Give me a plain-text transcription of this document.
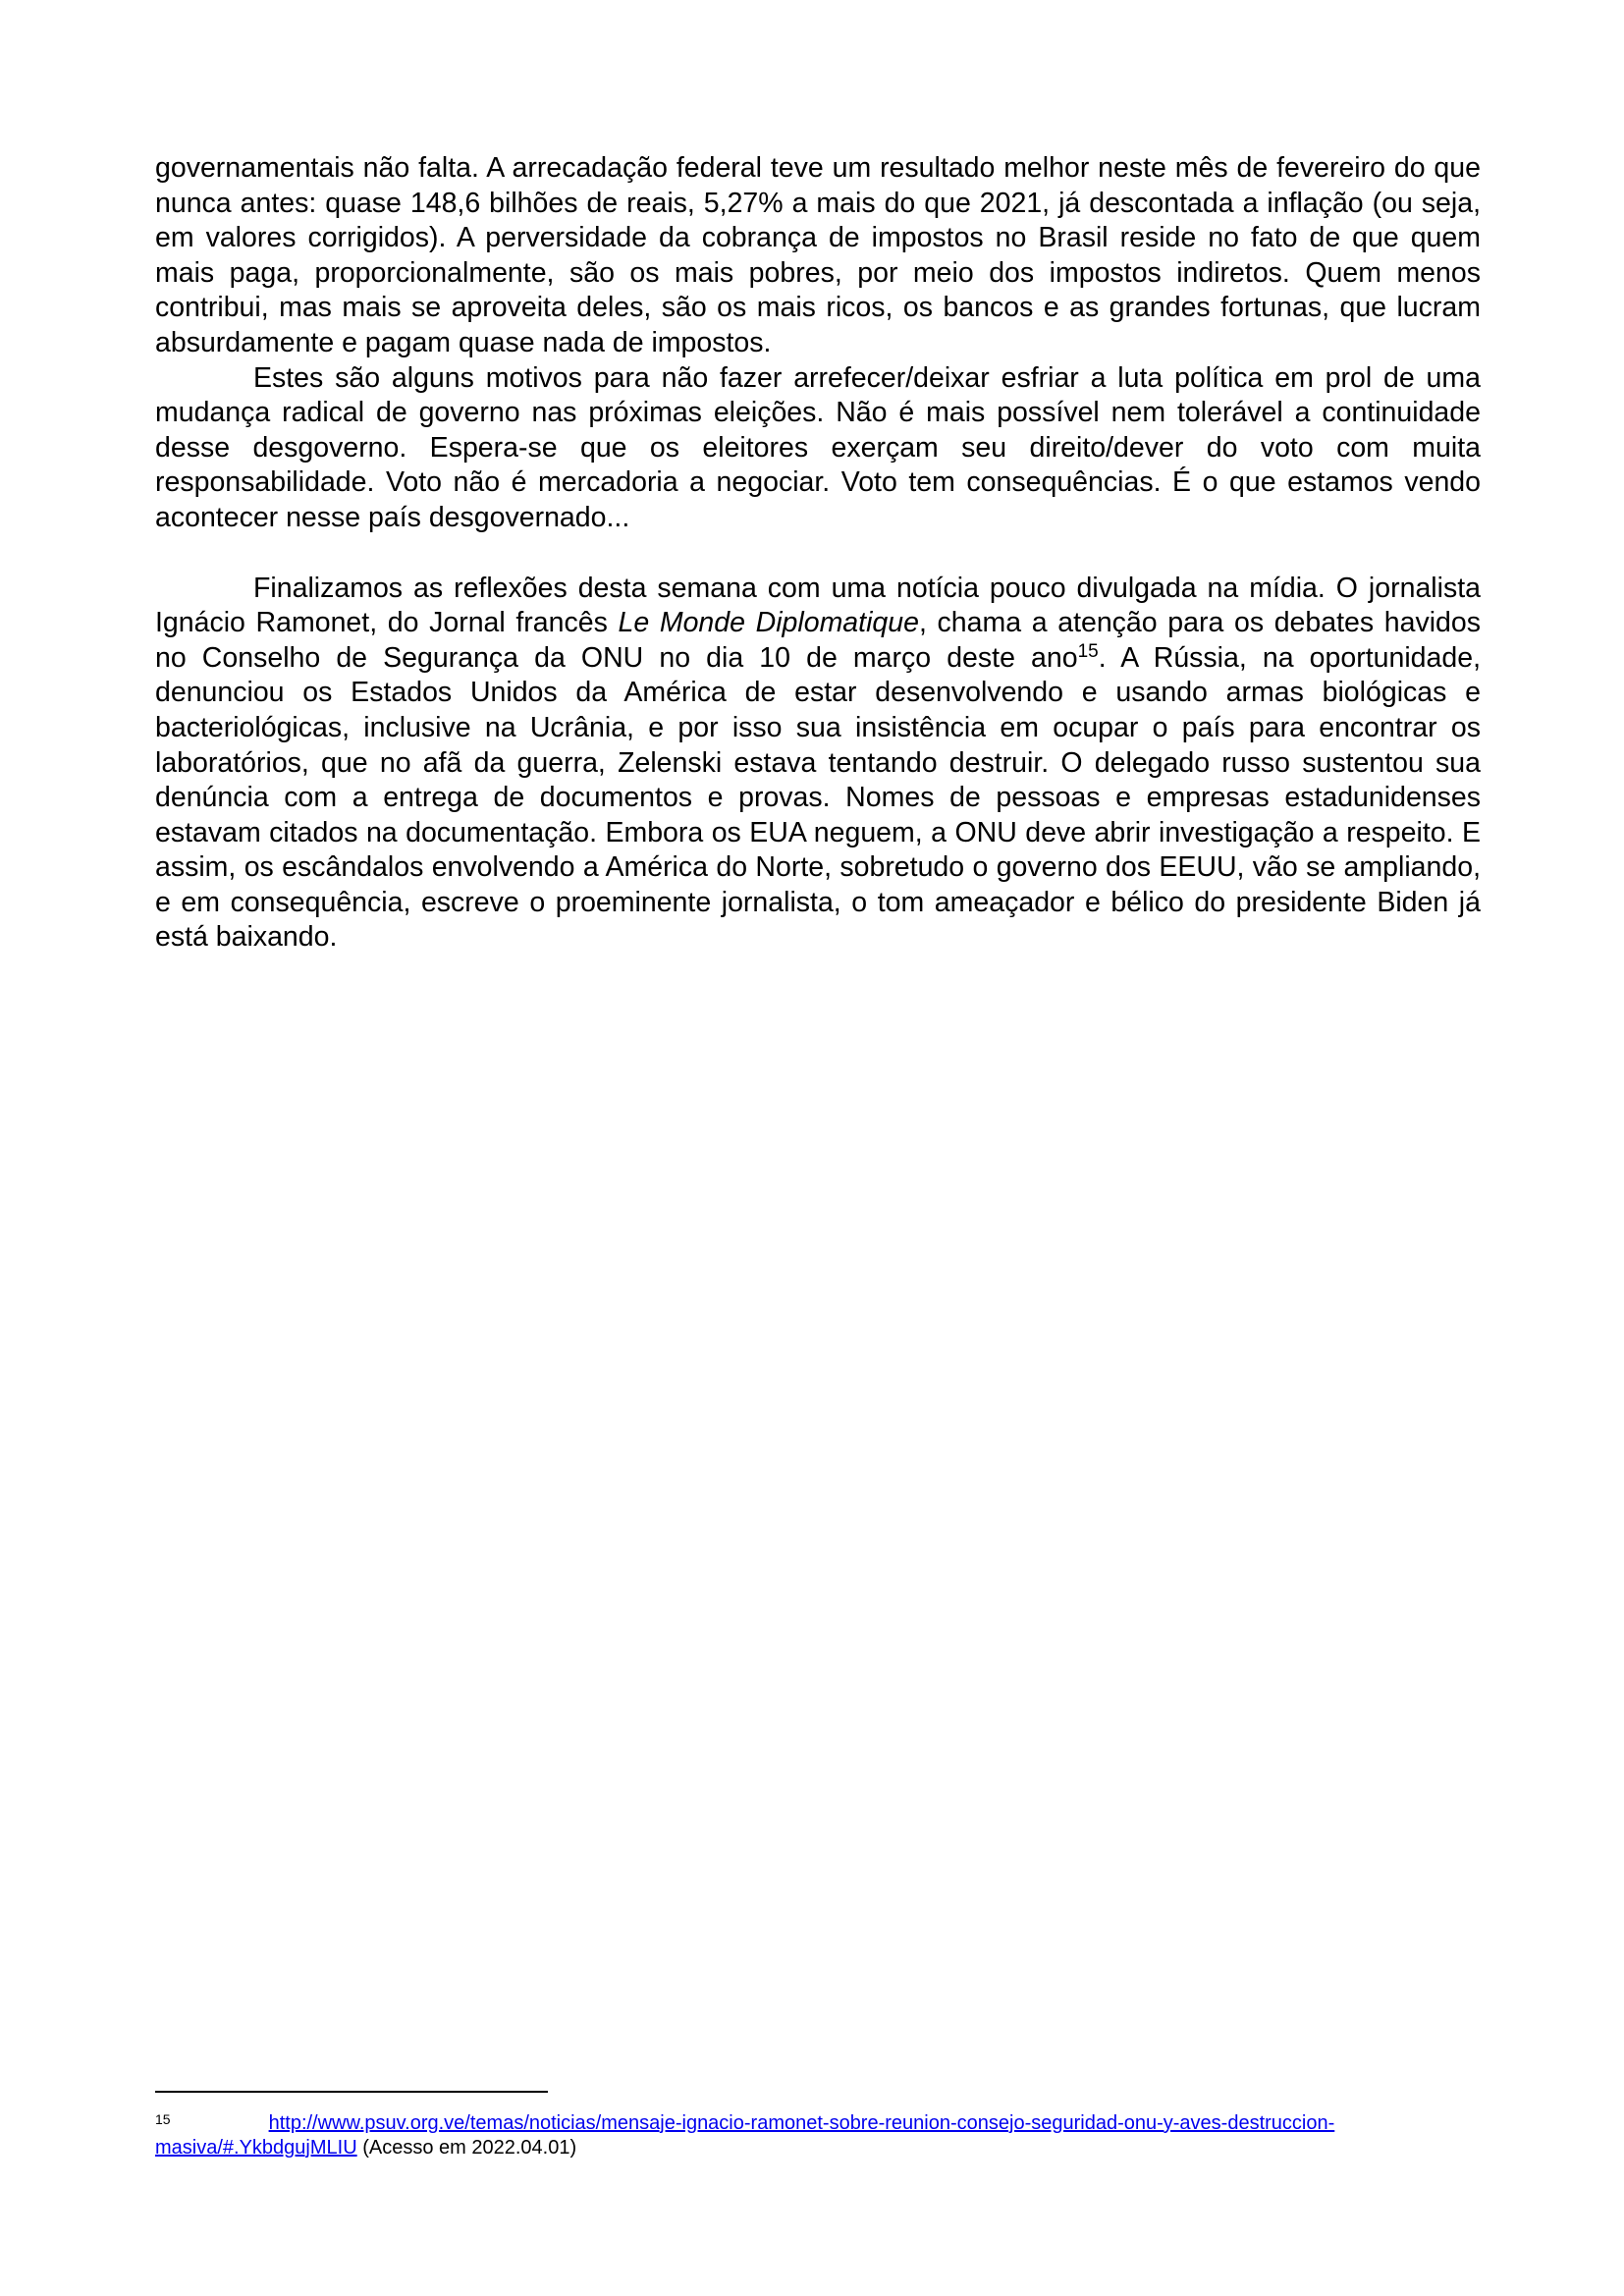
governamentais não falta. A arrecadação federal teve um resultado melhor neste mês de fevereiro do que nunca antes: quase 148,6 bilhões de reais, 5,27% a mais do que 2021, já descontada a inflação (ou seja, em valores corrigidos). A perversidade da cobrança de impostos no Brasil reside no fato de que quem mais paga, proporcionalmente, são os mais pobres, por meio dos impostos indiretos. Quem menos contribui, mas mais se aproveita deles, são os mais ricos, os bancos e as grandes fortunas, que lucram absurdamente e pagam quase nada de impostos.

Estes são alguns motivos para não fazer arrefecer/deixar esfriar a luta política em prol de uma mudança radical de governo nas próximas eleições. Não é mais possível nem tolerável a continuidade desse desgoverno. Espera-se que os eleitores exerçam seu direito/dever do voto com muita responsabilidade. Voto não é mercadoria a negociar. Voto tem consequências. É o que estamos vendo acontecer nesse país desgovernado...

Finalizamos as reflexões desta semana com uma notícia pouco divulgada na mídia. O jornalista Ignácio Ramonet, do Jornal francês Le Monde Diplomatique, chama a atenção para os debates havidos no Conselho de Segurança da ONU no dia 10 de março deste ano$^{15}$. A Rússia, na oportunidade, denunciou os Estados Unidos da América de estar desenvolvendo e usando armas biológicas e bacteriológicas, inclusive na Ucrânia, e por isso sua insistência em ocupar o país para encontrar os laboratórios, que no afã da guerra, Zelenski estava tentando destruir. O delegado russo sustentou sua denúncia com a entrega de documentos e provas. Nomes de pessoas e empresas estadunidenses estavam citados na documentação. Embora os EUA neguem, a ONU deve abrir investigação a respeito. E assim, os escândalos envolvendo a América do Norte, sobretudo o governo dos EEUU, vão se ampliando, e em consequência, escreve o proeminente jornalista, o tom ameaçador e bélico do presidente Biden já está baixando.

$^{15}$	http://www.psuv.org.ve/temas/noticias/mensaje-ignacio-ramonet-sobre-reunion-consejo-seguridad-onu-y-aves-destruccion-masiva/#.YkbdgujMLIU (Acesso em 2022.04.01)
